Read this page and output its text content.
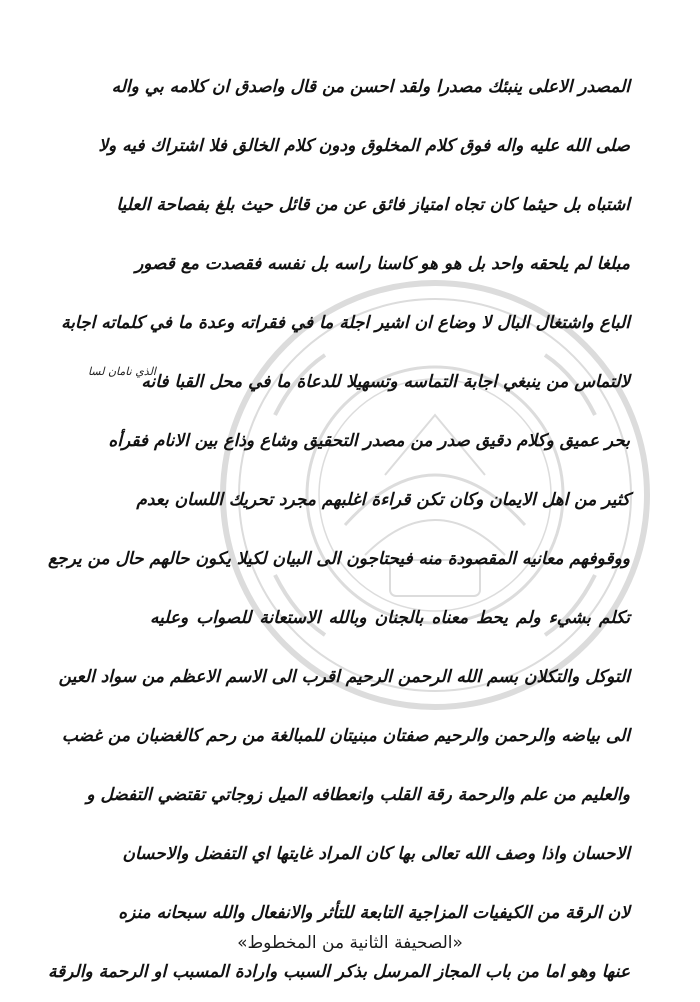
المصدر الاعلى ينبئك مصدرا ولقد احسن من قال واصدق ان كلامه بي واله
صلى الله عليه واله فوق كلام المخلوق ودون كلام الخالق فلا اشتراك فيه ولا
اشتباه بل حيثما كان تجاه امتياز فائق عن من قائل حيث بلغ بفصاحة العليا
مبلغا لم يلحقه واحد بل هو هو كاسنا راسه بل نفسه فقصدت مع قصور
الباع واشتغال البال لا وضاع ان اشير اجلة ما في فقراته وعدة ما في كلماته اجابة
لالتماس من ينبغي اجابة التماسه وتسهيلا للدعاة ما في محل القبا فانه
بحر عميق وكلام دقيق صدر من مصدر التحقيق وشاع وذاع بين الانام فقرأه
كثير من اهل الايمان وكان تكن قراءة اغلبهم مجرد تحريك اللسان بعدم
ووقوفهم معانيه المقصودة منه فيحتاجون الى البيان لكيلا يكون حالهم حال من يرجع
تكلم بشيء ولم يحط معناه بالجنان وبالله الاستعانة للصواب وعليه
التوكل والتكلان بسم الله الرحمن الرحيم اقرب الى الاسم الاعظم من سواد العين
الى بياضه والرحمن والرحيم صفتان مبنيتان للمبالغة من رحم كالغضبان من غضب
والعليم من علم والرحمة رقة القلب وانعطافه الميل زوجاتي تقتضي التفضل و
الاحسان واذا وصف الله تعالى بها كان المراد غايتها اي التفضل والاحسان
لان الرقة من الكيفيات المزاجية التابعة للتأثر والانفعال والله سبحانه منزه
عنها وهو اما من باب المجاز المرسل بذكر السبب وارادة المسبب او الرحمة والرقة
الذي نامان لسا
«الصحيفة الثانية من المخطوط»
